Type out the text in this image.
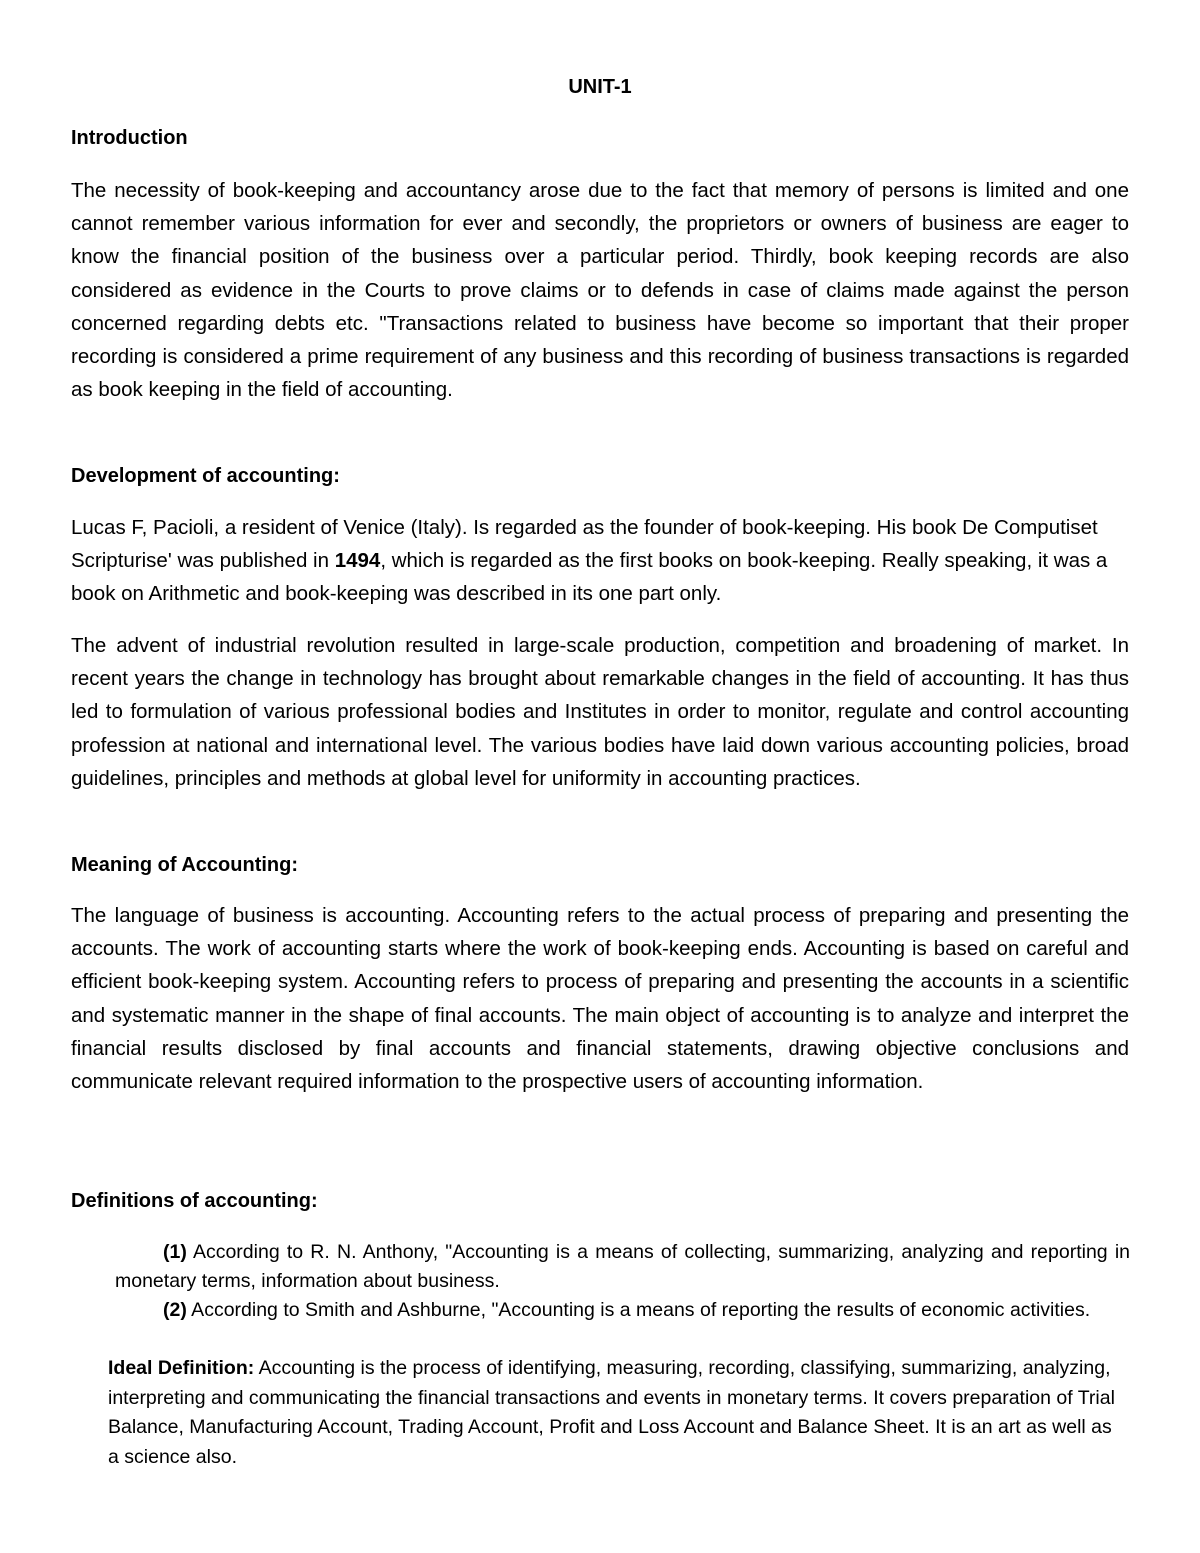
UNIT-1
Introduction

The necessity of book-keeping and accountancy arose due to the fact that memory of persons is limited and one cannot remember various information for ever and secondly, the proprietors or owners of business are eager to know the financial position of the business over a particular period. Thirdly, book keeping records are also considered as evidence in the Courts to prove claims or to defends in case of claims made against the person concerned regarding debts etc. "Transactions related to business have become so important that their proper recording is considered a prime requirement of any business and this recording of business transactions is regarded as book keeping in the field of accounting.

Development of accounting:

Lucas F, Pacioli, a resident of Venice (Italy). Is regarded as the founder of book-keeping. His book De Computiset Scripturise' was published in 1494, which is regarded as the first books on book-keeping. Really speaking, it was a book on Arithmetic and book-keeping was described in its one part only.

The advent of industrial revolution resulted in large-scale production, competition and broadening of market. In recent years the change in technology has brought about remarkable changes in the field of accounting. It has thus led to formulation of various professional bodies and Institutes in order to monitor, regulate and control accounting profession at national and international level. The various bodies have laid down various accounting policies, broad guidelines, principles and methods at global level for uniformity in accounting practices.

Meaning of Accounting:

The language of business is accounting. Accounting refers to the actual process of preparing and presenting the accounts. The work of accounting starts where the work of book-keeping ends. Accounting is based on careful and efficient book-keeping system. Accounting refers to process of preparing and presenting the accounts in a scientific and systematic manner in the shape of final accounts. The main object of accounting is to analyze and interpret the financial results disclosed by final accounts and financial statements, drawing objective conclusions and communicate relevant required information to the prospective users of accounting information.

Definitions of accounting:

(1) According to R. N. Anthony, "Accounting is a means of collecting, summarizing, analyzing and reporting in monetary terms, information about business.

(2) According to Smith and Ashburne, "Accounting is a means of reporting the results of economic activities.

Ideal Definition: Accounting is the process of identifying, measuring, recording, classifying, summarizing, analyzing, interpreting and communicating the financial transactions and events in monetary terms. It covers preparation of Trial Balance, Manufacturing Account, Trading Account, Profit and Loss Account and Balance Sheet. It is an art as well as a science also.
